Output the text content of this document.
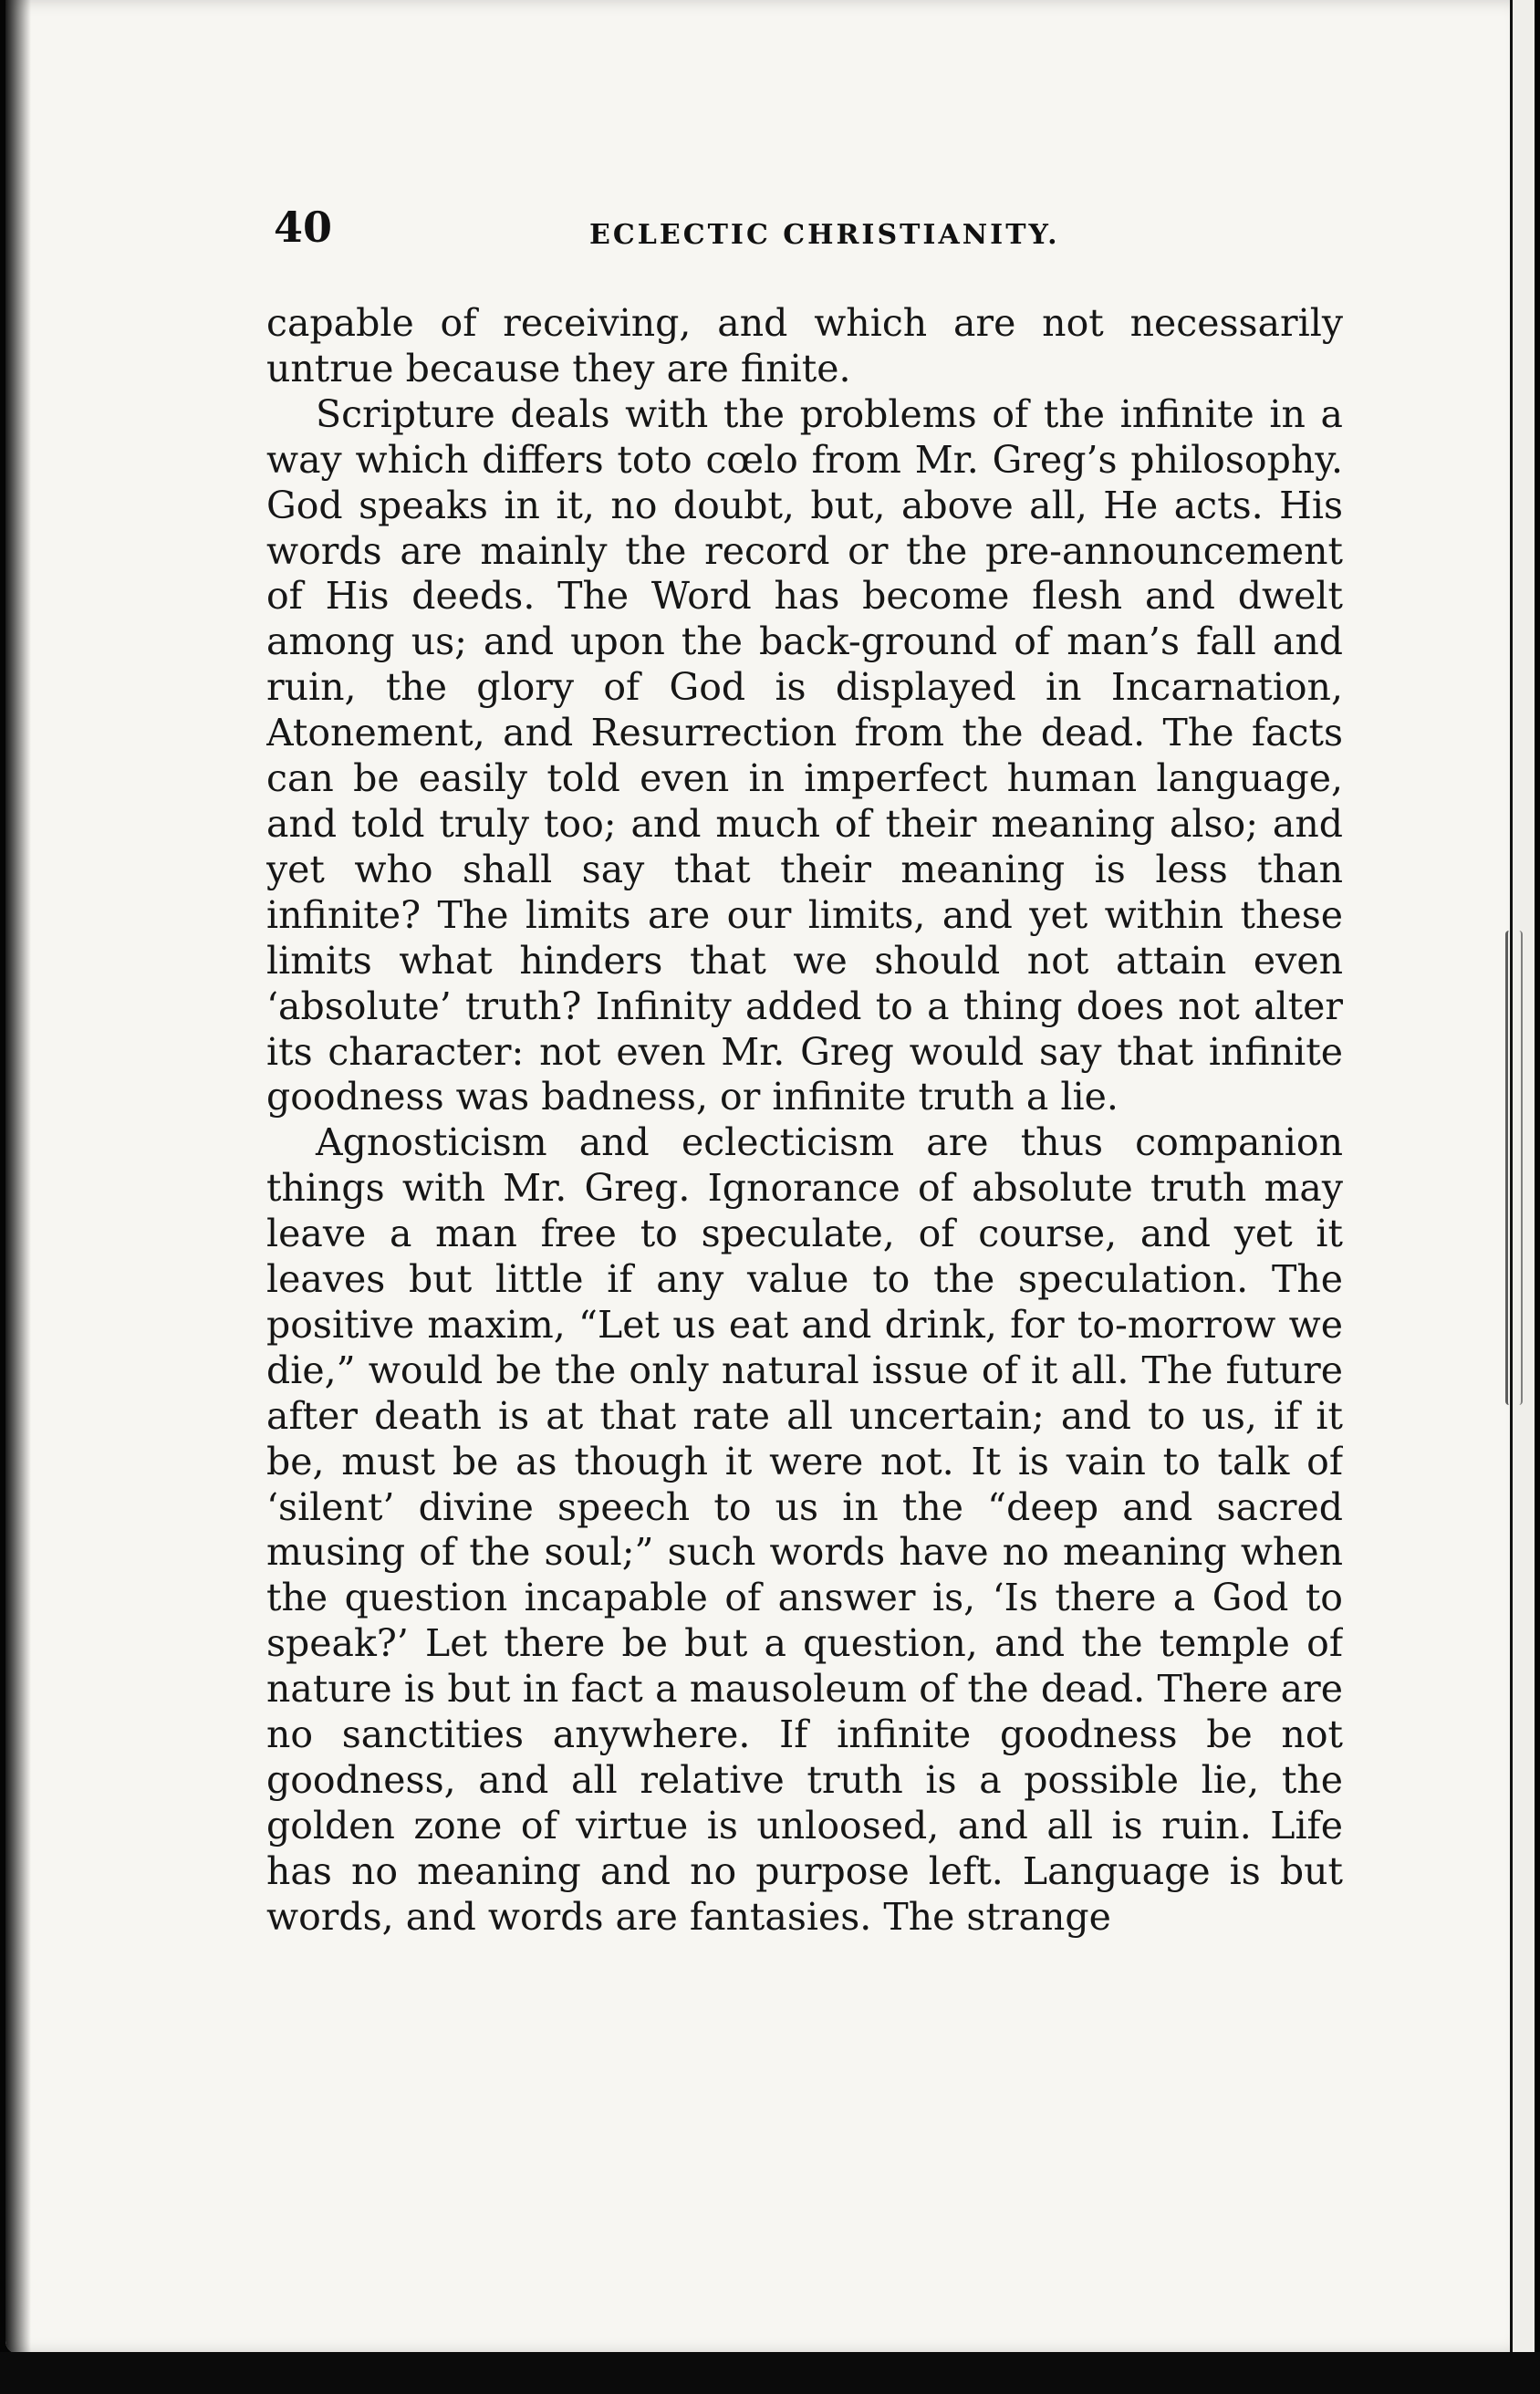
40	ECLECTIC CHRISTIANITY.

capable of receiving, and which are not necessarily untrue because they are finite.

Scripture deals with the problems of the infinite in a way which differs toto cœlo from Mr. Greg’s philosophy. God speaks in it, no doubt, but, above all, He acts. His words are mainly the record or the pre-announcement of His deeds. The Word has become flesh and dwelt among us; and upon the back-ground of man’s fall and ruin, the glory of God is displayed in Incarnation, Atonement, and Resurrection from the dead. The facts can be easily told even in imperfect human language, and told truly too; and much of their meaning also; and yet who shall say that their meaning is less than infinite? The limits are our limits, and yet within these limits what hinders that we should not attain even ‘absolute’ truth? Infinity added to a thing does not alter its character: not even Mr. Greg would say that infinite goodness was badness, or infinite truth a lie.

Agnosticism and eclecticism are thus companion things with Mr. Greg. Ignorance of absolute truth may leave a man free to speculate, of course, and yet it leaves but little if any value to the speculation. The positive maxim, “Let us eat and drink, for to-morrow we die,” would be the only natural issue of it all. The future after death is at that rate all uncertain; and to us, if it be, must be as though it were not. It is vain to talk of ‘silent’ divine speech to us in the “deep and sacred musing of the soul;” such words have no meaning when the question incapable of answer is, ‘Is there a God to speak?’ Let there be but a question, and the temple of nature is but in fact a mausoleum of the dead. There are no sanctities anywhere. If infinite goodness be not goodness, and all relative truth is a possible lie, the golden zone of virtue is unloosed, and all is ruin. Life has no meaning and no purpose left. Language is but words, and words are fantasies. The strange
